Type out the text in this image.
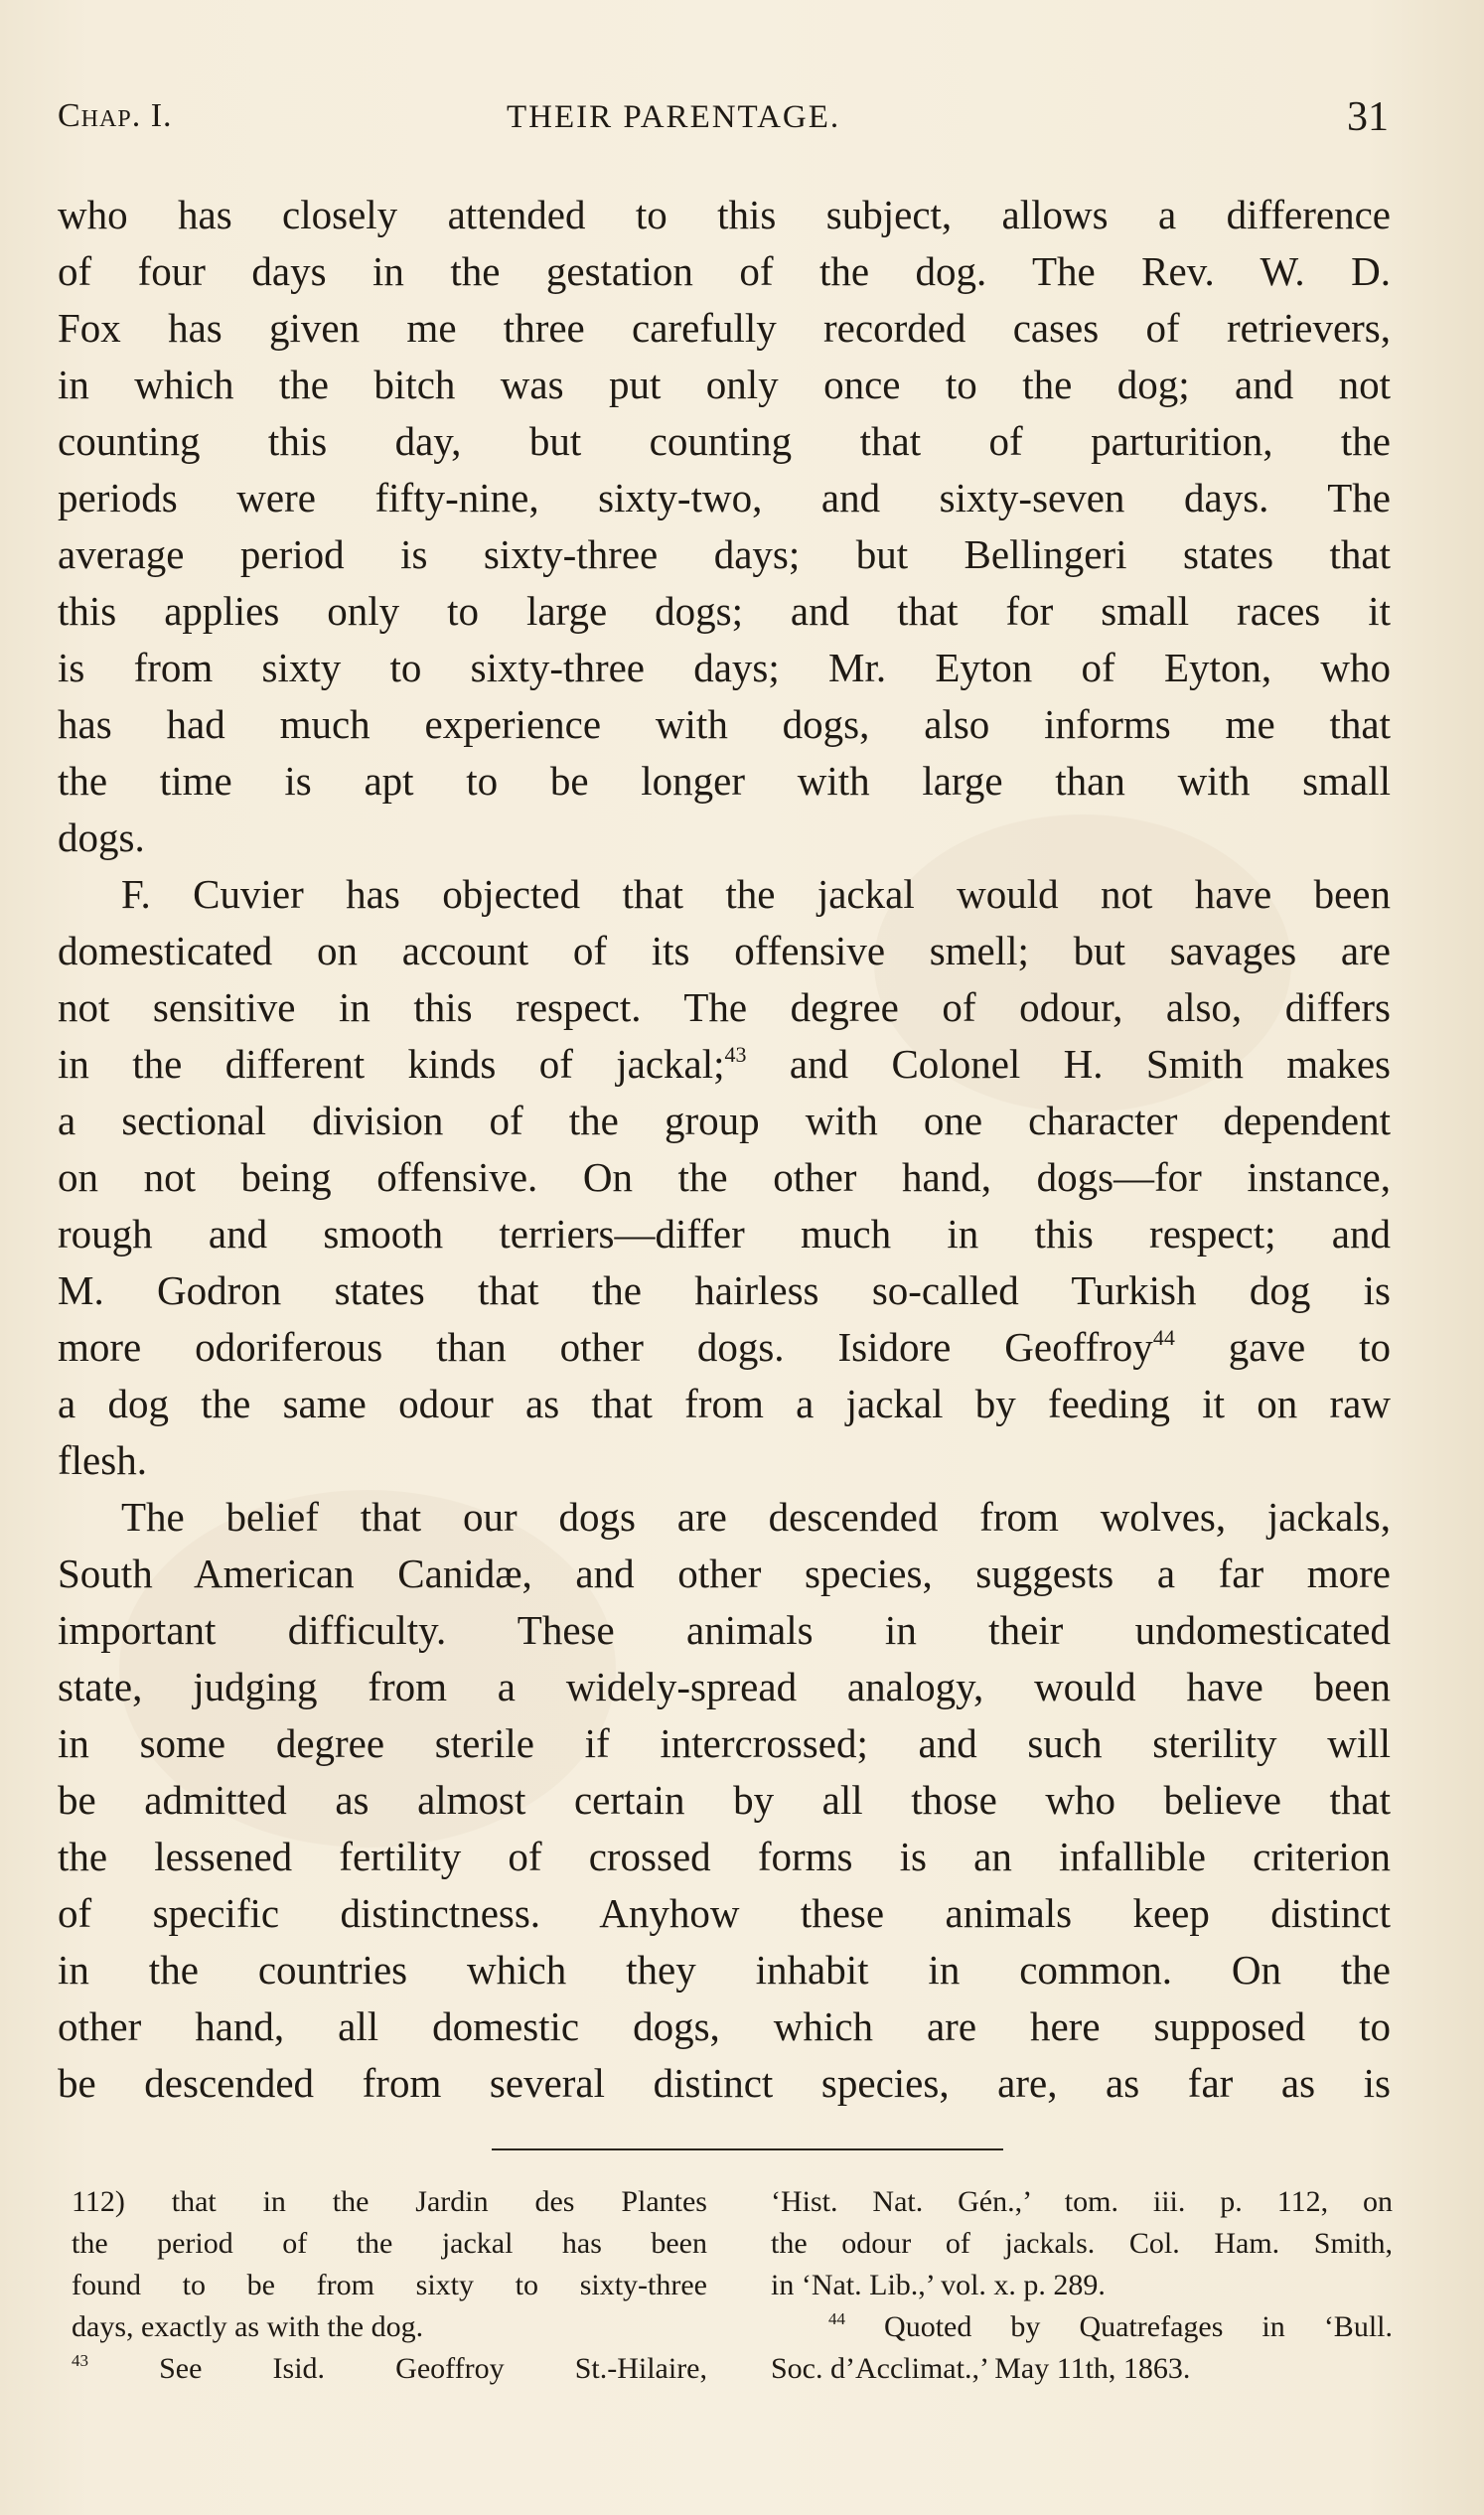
Chap. I.	THEIR PARENTAGE.	31
who has closely attended to this subject, allows a difference
of four days in the gestation of the dog. The Rev. W. D.
Fox has given me three carefully recorded cases of retrievers,
in which the bitch was put only once to the dog; and not
counting this day, but counting that of parturition, the
periods were fifty-nine, sixty-two, and sixty-seven days. The
average period is sixty-three days; but Bellingeri states that
this applies only to large dogs; and that for small races it
is from sixty to sixty-three days; Mr. Eyton of Eyton, who
has had much experience with dogs, also informs me that
the time is apt to be longer with large than with small
dogs.
F. Cuvier has objected that the jackal would not have been
domesticated on account of its offensive smell; but savages are
not sensitive in this respect. The degree of odour, also, differs
in the different kinds of jackal;$^{43}$ and Colonel H. Smith makes
a sectional division of the group with one character dependent
on not being offensive. On the other hand, dogs—for instance,
rough and smooth terriers—differ much in this respect; and
M. Godron states that the hairless so-called Turkish dog is
more odoriferous than other dogs. Isidore Geoffroy$^{44}$ gave to
a dog the same odour as that from a jackal by feeding it on raw
flesh.
The belief that our dogs are descended from wolves, jackals,
South American Canidæ, and other species, suggests a far more
important difficulty. These animals in their undomesticated
state, judging from a widely-spread analogy, would have been
in some degree sterile if intercrossed; and such sterility will
be admitted as almost certain by all those who believe that
the lessened fertility of crossed forms is an infallible criterion
of specific distinctness. Anyhow these animals keep distinct
in the countries which they inhabit in common. On the
other hand, all domestic dogs, which are here supposed to
be descended from several distinct species, are, as far as is
112) that in the Jardin des Plantes
the period of the jackal has been
found to be from sixty to sixty-three
days, exactly as with the dog.
$^{43}$ See Isid. Geoffroy St.-Hilaire,
‘Hist. Nat. Gén.,’ tom. iii. p. 112, on
the odour of jackals. Col. Ham. Smith,
in ‘Nat. Lib.,’ vol. x. p. 289.
$^{44}$ Quoted by Quatrefages in ‘Bull.
Soc. d’Acclimat.,’ May 11th, 1863.
